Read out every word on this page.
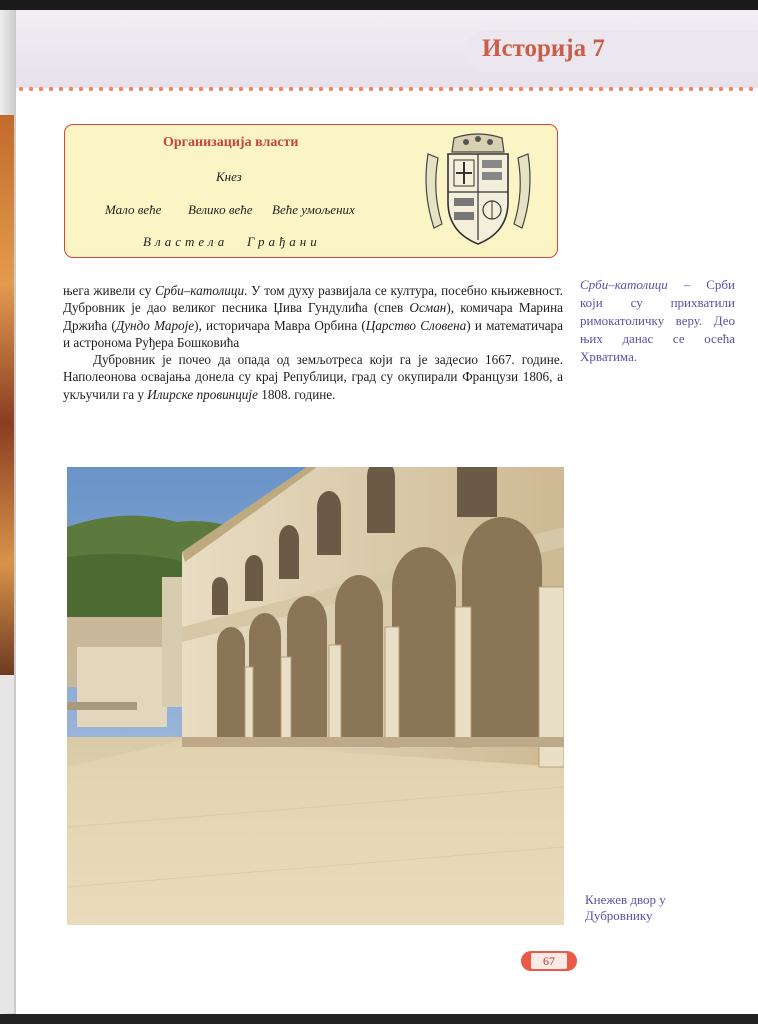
Историја 7
Организација власти
Кнез
Мало веће Велико веће Веће умољених
Властела Грађани

њега живели су Срби–католици. У том духу развијала се култура, посебно књижевност. Дубровник је дао великог песника Џива Гундулића (спев Осман), комичара Марина Држића (Дундо Мароје), историчара Мавра Орбина (Царство Словена) и математичара и астронома Руђера Бошковића

Дубровник је почео да опада од земљотреса који га је задесио 1667. године. Наполеонова освајања донела су крај Републици, град су окупирали Французи 1806, а укључили га у Илирске провинције 1808. године.

Срби–католици – Срби који су прихватили римокатоличку веру. Део њих данас се осећа Хрватима.
Кнежев двор у Дубровнику
67
